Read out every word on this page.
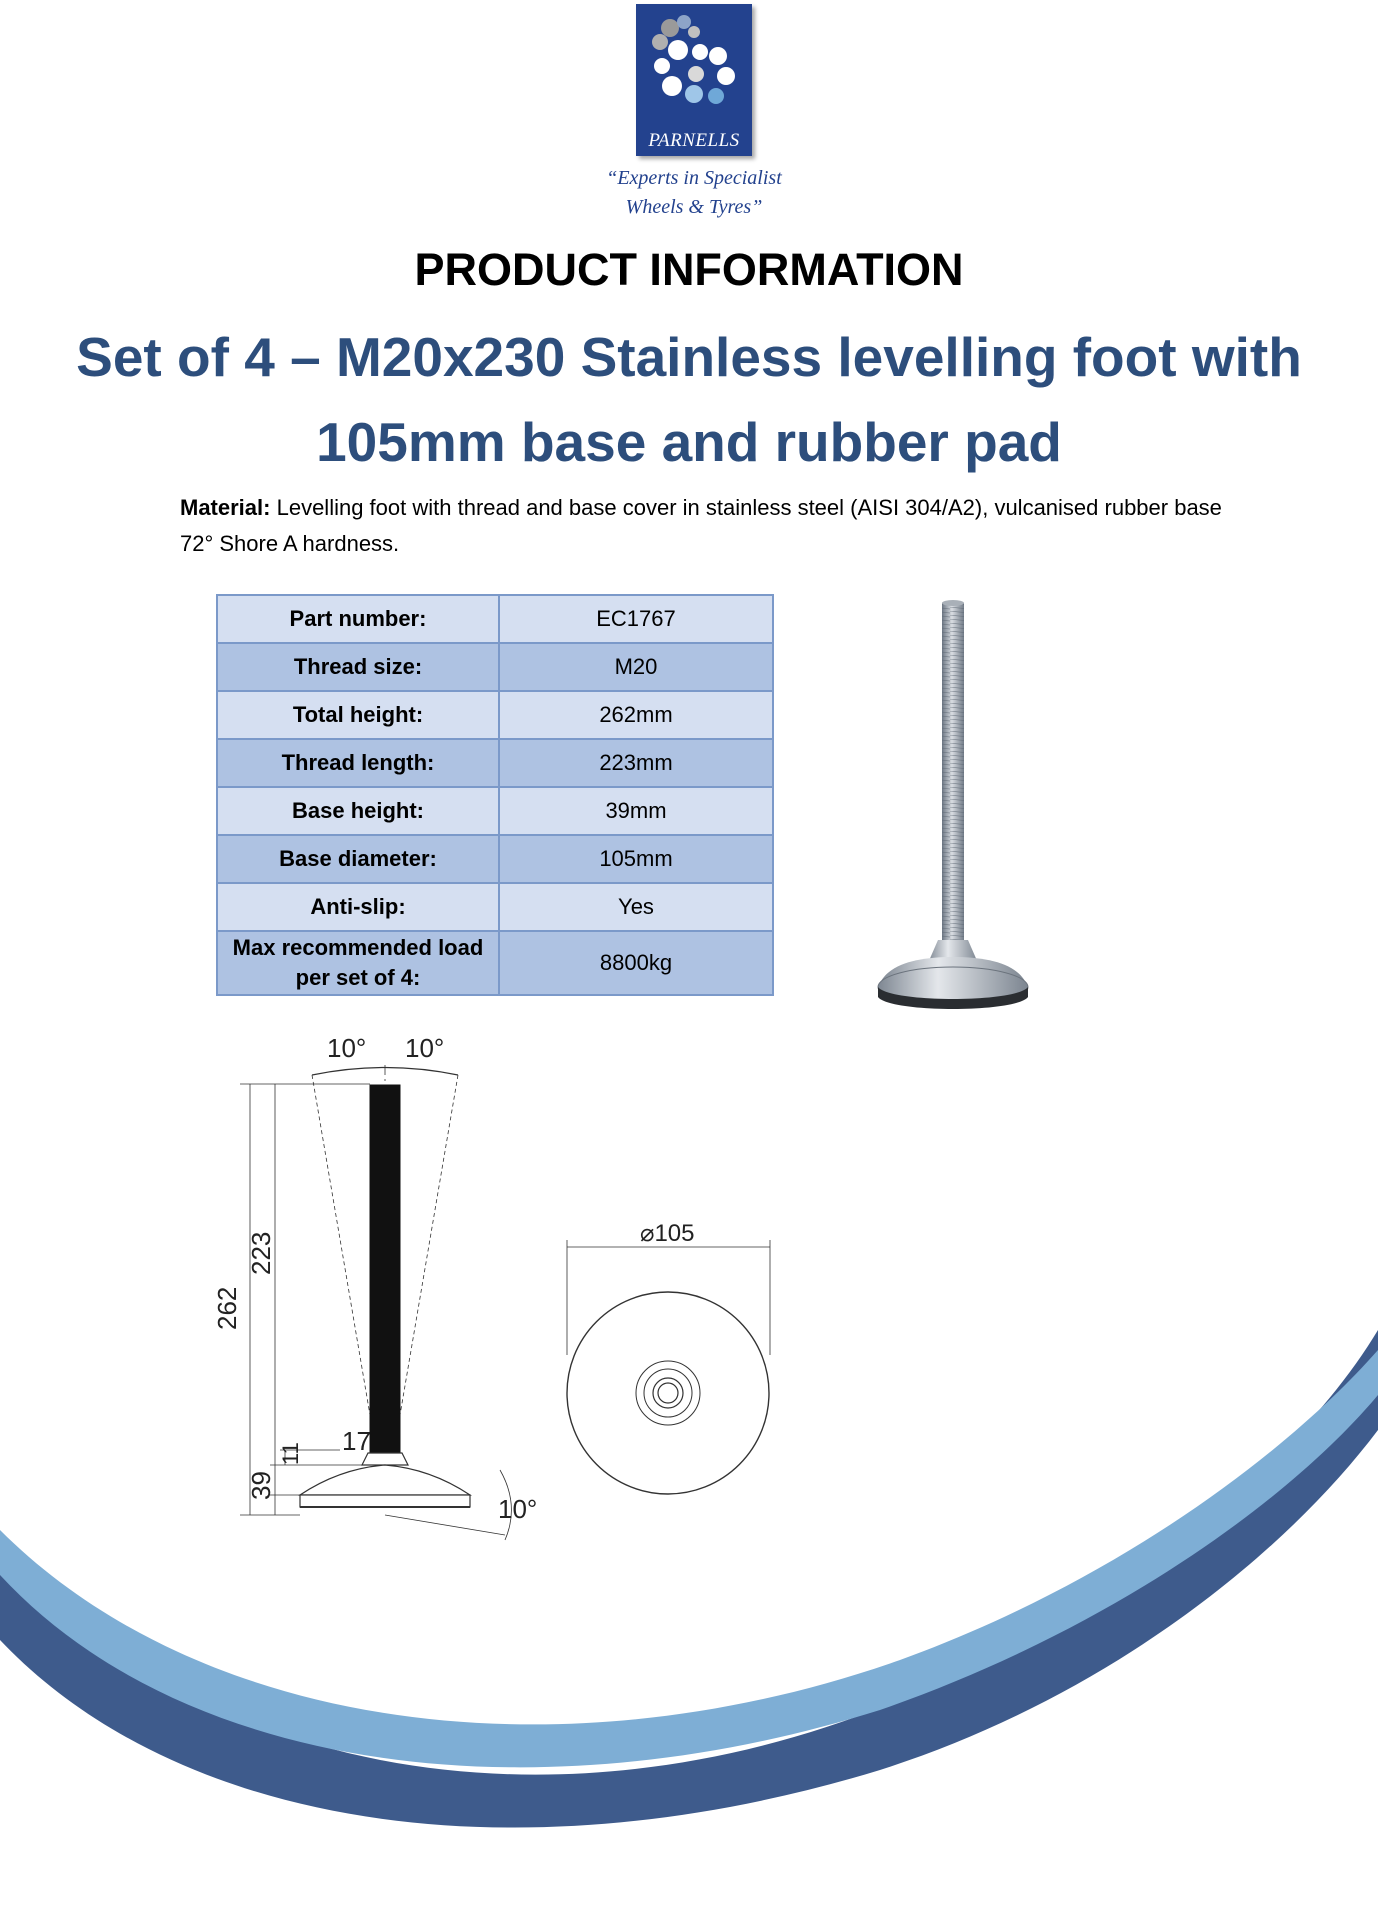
PARNELLS
“Experts in Specialist
Wheels & Tyres”
PRODUCT INFORMATION
Set of 4 – M20x230 Stainless levelling foot with
105mm base and rubber pad
Material: Levelling foot with thread and base cover in stainless steel (AISI 304/A2), vulcanised rubber base 72° Shore A hardness.
Part number:	EC1767
Thread size:	M20
Total height:	262mm
Thread length:	223mm
Base height:	39mm
Base diameter:	105mm
Anti-slip:	Yes

Max recommended load
per set of 4:	8800kg
10° 10°
262
223
11 17
39
10°
⌀105
